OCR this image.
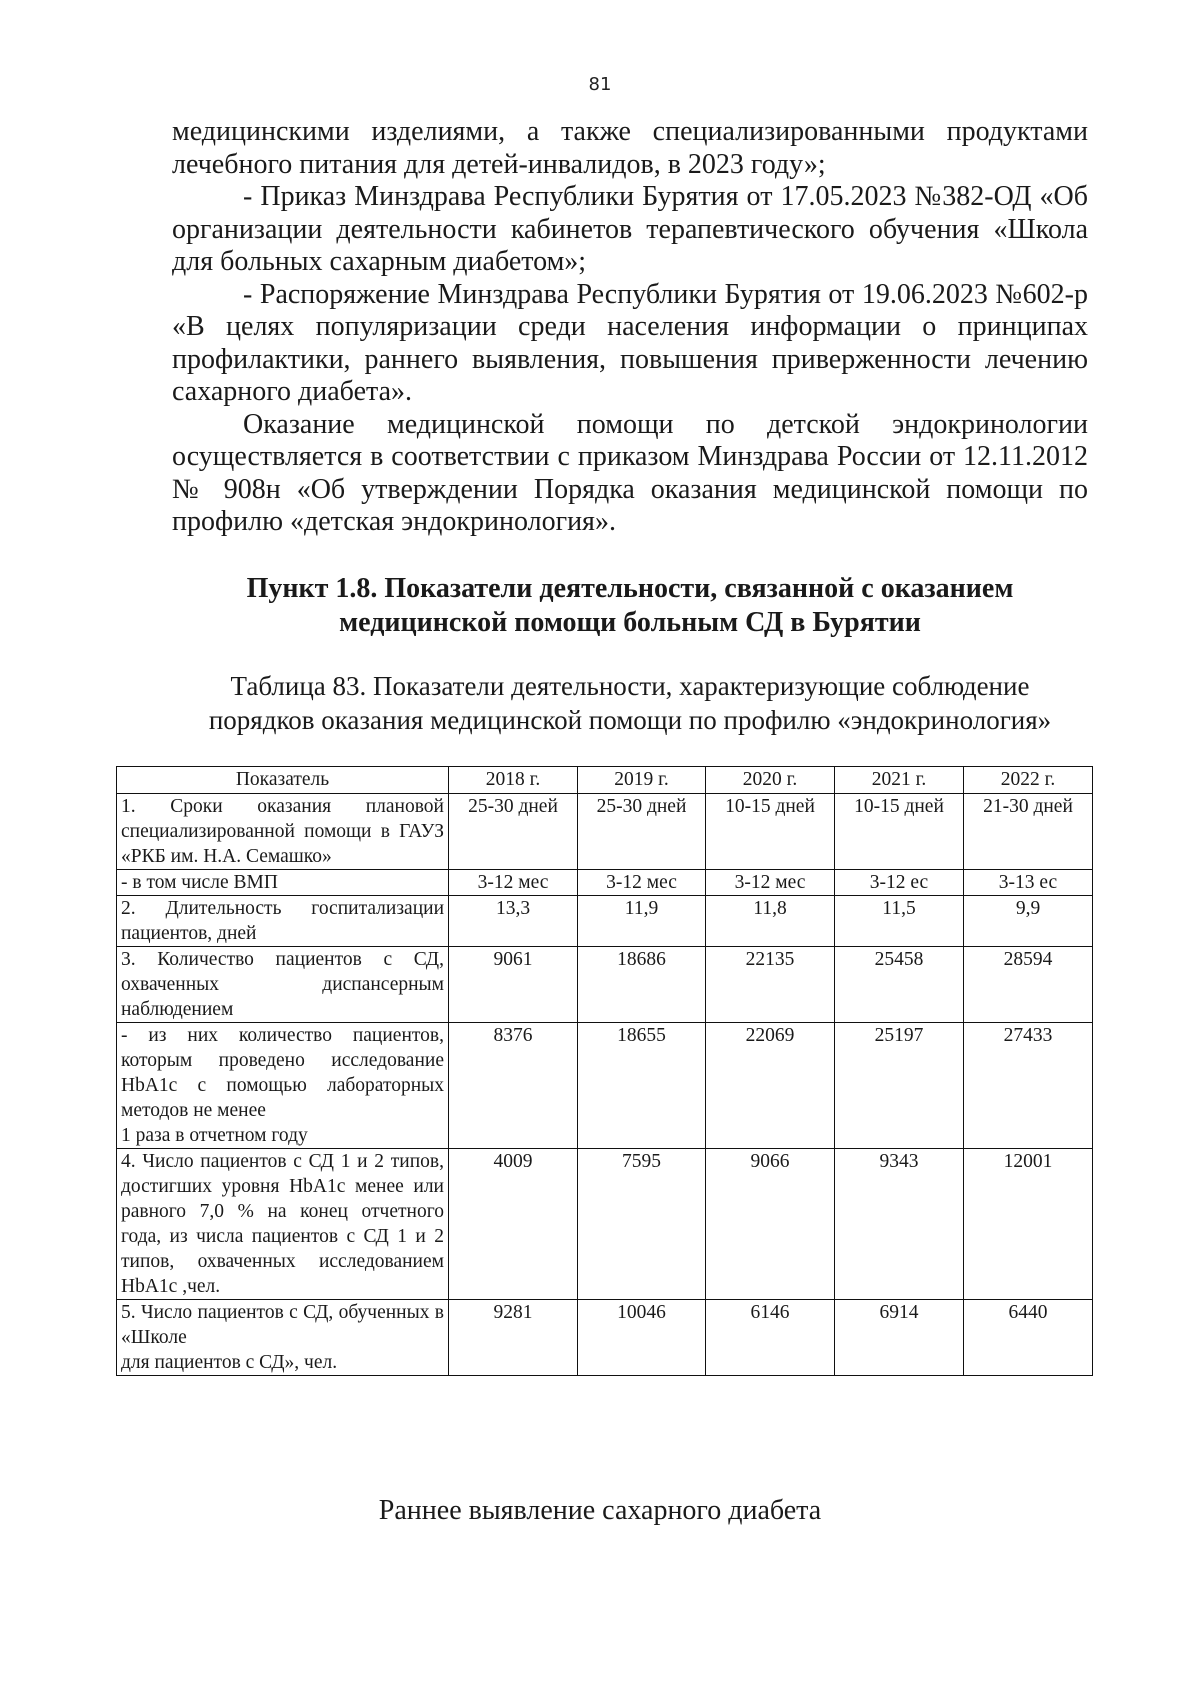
81

медицинскими изделиями, а также специализированными продуктами лечебного питания для детей-инвалидов, в 2023 году»;

- Приказ Минздрава Республики Бурятия от 17.05.2023 №382-ОД «Об организации деятельности кабинетов терапевтического обучения «Школа для больных сахарным диабетом»;

- Распоряжение Минздрава Республики Бурятия от 19.06.2023 №602-р «В целях популяризации среди населения информации о принципах профилактики, раннего выявления, повышения приверженности лечению сахарного диабета».

Оказание медицинской помощи по детской эндокринологии осуществляется в соответствии с приказом Минздрава России от 12.11.2012 № 908н «Об утверждении Порядка оказания медицинской помощи по профилю «детская эндокринология».

Пункт 1.8. Показатели деятельности, связанной с оказанием
медицинской помощи больным СД в Бурятии
Таблица 83. Показатели деятельности, характеризующие соблюдение
порядков оказания медицинской помощи по профилю «эндокринология»
Показатель	2018 г.	2019 г.	2020 г.	2021 г.	2022 г.
1. Сроки оказания плановой специализированной помощи в ГАУЗ «РКБ им. Н.А. Семашко»	25-30 дней	25-30 дней	10-15 дней	10-15 дней	21-30 дней
- в том числе ВМП	3-12 мес	3-12 мес	3-12 мес	3-12 ес	3-13 ес
2. Длительность госпитализации пациентов, дней	13,3	11,9	11,8	11,5	9,9
3. Количество пациентов с СД, охваченных диспансерным наблюдением	9061	18686	22135	25458	28594

- из них количество пациентов, которым проведено исследование HbA1c с помощью лабораторных методов не менее
1 раза в отчетном году	8376	18655	22069	25197	27433
4. Число пациентов с СД 1 и 2 типов, достигших уровня HbA1c менее или равного 7,0 % на конец отчетного года, из числа пациентов с СД 1 и 2 типов, охваченных исследованием HbA1c ,чел.	4009	7595	9066	9343	12001

5. Число пациентов с СД, обученных в «Школе
для пациентов с СД», чел.	9281	10046	6146	6914	6440
Раннее выявление сахарного диабета
